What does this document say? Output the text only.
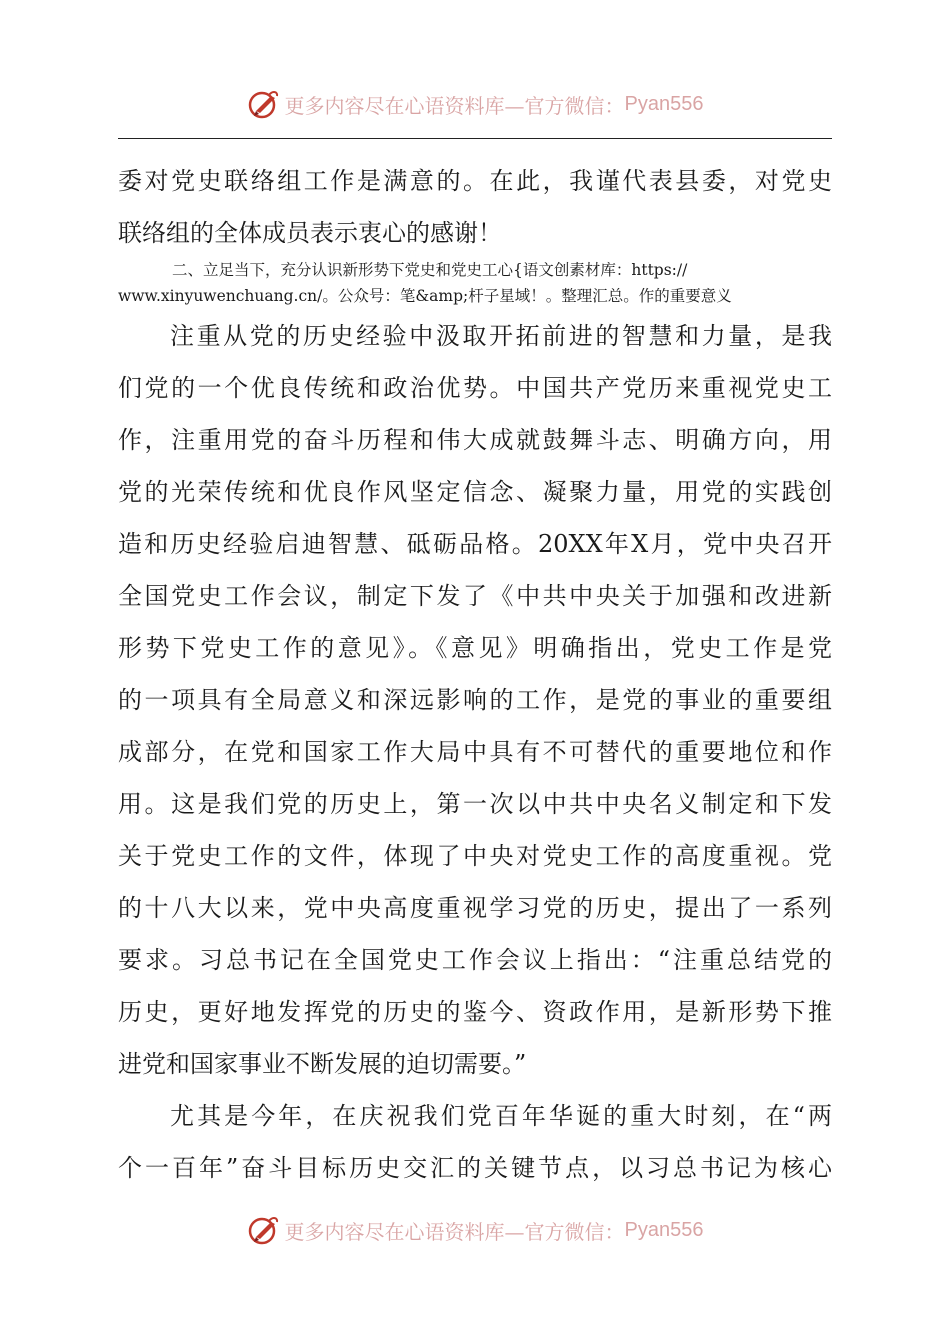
更多内容尽在心语资料库—官方微信： Pyan556
委对党史联络组工作是满意的。在此，我谨代表县委，对党史
联络组的全体成员表示衷心的感谢！
二、立足当下，充分认识新形势下党史和党史工心{语文创素材库：https://
www.xinyuwenchuang.cn/。公众号：笔&amp;杆子星域！。整理汇总。作的重要意义
注重从党的历史经验中汲取开拓前进的智慧和力量，是我
们党的一个优良传统和政治优势。中国共产党历来重视党史工
作，注重用党的奋斗历程和伟大成就鼓舞斗志、明确方向，用
党的光荣传统和优良作风坚定信念、凝聚力量，用党的实践创
造和历史经验启迪智慧、砥砺品格。20XX年X月，党中央召开
全国党史工作会议，制定下发了《中共中央关于加强和改进新
形势下党史工作的意见》。《意见》明确指出，党史工作是党
的一项具有全局意义和深远影响的工作，是党的事业的重要组
成部分，在党和国家工作大局中具有不可替代的重要地位和作
用。这是我们党的历史上，第一次以中共中央名义制定和下发
关于党史工作的文件，体现了中央对党史工作的高度重视。党
的十八大以来，党中央高度重视学习党的历史，提出了一系列
要求。习总书记在全国党史工作会议上指出：“注重总结党的
历史，更好地发挥党的历史的鉴今、资政作用，是新形势下推
进党和国家事业不断发展的迫切需要。”
尤其是今年，在庆祝我们党百年华诞的重大时刻，在“两
个一百年”奋斗目标历史交汇的关键节点，以习总书记为核心
更多内容尽在心语资料库—官方微信： Pyan556
